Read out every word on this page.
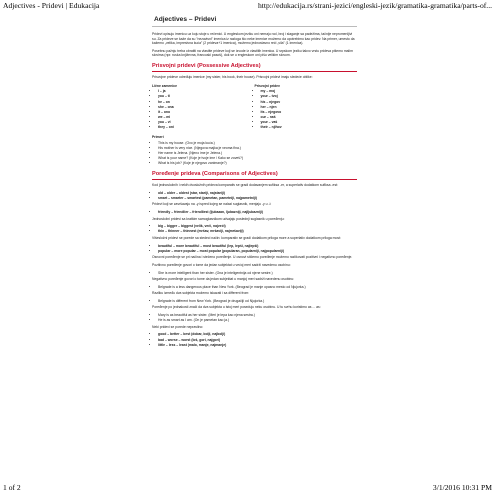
Adjectives - Pridevi | Edukacija	http://edukacija.rs/strani-jezici/engleski-jezik/gramatika-gramatika/parts-of...
Adjectives – Pridevi

Pridevi opisuju imenicu uz koju stoje u rečenici. U engleskom jeziku oni nemaju rod, broj i slaganje sa padežima, tačnije nepromenljivi su. Za pridevе se kaže da su "nezavisni" imenica iz razloga što neke imenice možemo da upotrebimo kao pridev. Na primer, umesto da kažemo „velika, impresivna kuća" (2 pridevа+1 imenica), možemo jednostavno reći „vila" (1 imenica).

Posebnu pažnju treba obratiti na vlastite pridevе koji se izvode iz vlastitih imenica. U srpskom jeziku takvo vrstu pridevа pišemo malim slovima (npr. ruska književna, francuski pasoš), dok se u engleskom oni pišu velikim slovom.

Prisvojni pridevi (Possessive Adjectives)

Prisvojne pridevе određuju imenice (my sister, his book, their house). Prisvojni pridevi imaju sledeće oblike:

Lične zamenice
• I – ja
• you – ti
• he – on
• she – ona
• it – ono
• we – mi
• you – vi
• they – oni
Prisvojni pridev
• my – moj
• your – tvoj
• his – njegov
• her – njen
• its – njegovo
• our – naš
• your – vaš
• their – njihov
Primeri
• This is my house. (Ovo je moja kuća.)
• His mother is very nice. (Njegova majka je veoma fina.)
• Her name is Jelena. (Njeno ime je Jelena.)
• What is your name? (Koje je tvoje ime / Kako se zoveš?)
• What is his job? (Koje je njegovo zanimanje?)
Poređenje prideva (Comparisons of Adjectives)

Kod jednosložnih i nekih dvosložnih prideva komparativ se gradi dodavanjem sufiksa -er, a superlativ dodatkom sufiksa -est:

• old – older – oldest (star, stariji, najstariji)
• smart – smarter – smartest (pametan, pametniji, najpametniji)

Pridevi koji se završavaju na -y ispred kojeg se nalazi suglasnik, menjaju -y u -i:

• friendly – friendlier – friendliest (ljubazan, ljubazniji, najljubazniji)

Jednosložni pridevi sa kratkim samoglasnikom udvajaju poslednji suglasnik u poređenju:

• big – bigger – biggest (velik, veći, najveći)
• thin – thinner – thinnest (mršav, mršaviji, najmršaviji)

Višesložni pridevi se porede sa stedeci način: komparativ se gradi dodatkom priloga more a superlativ dodatkom priloga most:

• beautiful – more beautiful – most beautiful (lep, lepši, najlepši)
• popular – more popular – most popular (popularan, popularniji, najpopularniji)

Osnovni poređenje se pri načina i stečeno poređenje. U osnovi stičemo poređenje možemo razlikovati pozitivni i negativno poređenje.

Pozitivno poređenje govori o tome da jedan subjektat u većoj meri sadrži navedenu osobinu:

• She is more intelligent than her sister. (Ona je inteligentnija od njene sestre.)

Negativno poređenje govori o tome da jedan subjektat u manjoj meri sadrži navedenu osobinu:

• Belgrade is a less dangerous place than New York. (Beograd je manje opasno mesto od Njujorka.)

Razliku između dva subjekta možemo iskazati i sa different from:

• Belgrade is different from New York. (Beograd je drugačiji od Njujorka.)

Poređenje po jednakosti znači da dva subjekta u istoj meri poseduju neku osobinu. U tu svrhu koristimo as ... as:

• Mary is as beautiful as her sister. (Meri je lepa kao njena sestra.)
• He is as smart as I am. (On je pametan kao ja.)

Neki pridevi se porede nepravilno:

• good – better – best (dobar, bolji, najbolji)
• bad – worse – worst (loš, gori, najgori)
• little – less – least (malo, manje, najmanje)
1 of 2	3/1/2016 10:31 PM
